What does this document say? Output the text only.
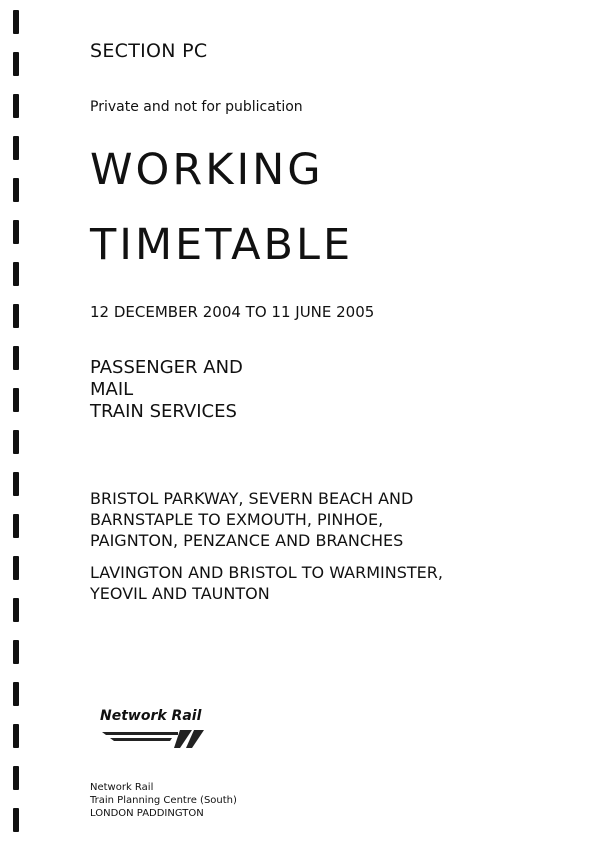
SECTION PC
Private and not for publication
WORKING
TIMETABLE
12 DECEMBER 2004 TO 11 JUNE 2005
PASSENGER AND
MAIL
TRAIN SERVICES
BRISTOL PARKWAY, SEVERN BEACH AND
BARNSTAPLE TO EXMOUTH, PINHOE,
PAIGNTON, PENZANCE AND BRANCHES
LAVINGTON AND BRISTOL TO WARMINSTER,
YEOVIL AND TAUNTON
Network Rail
Network Rail
Train Planning Centre (South)
LONDON PADDINGTON
